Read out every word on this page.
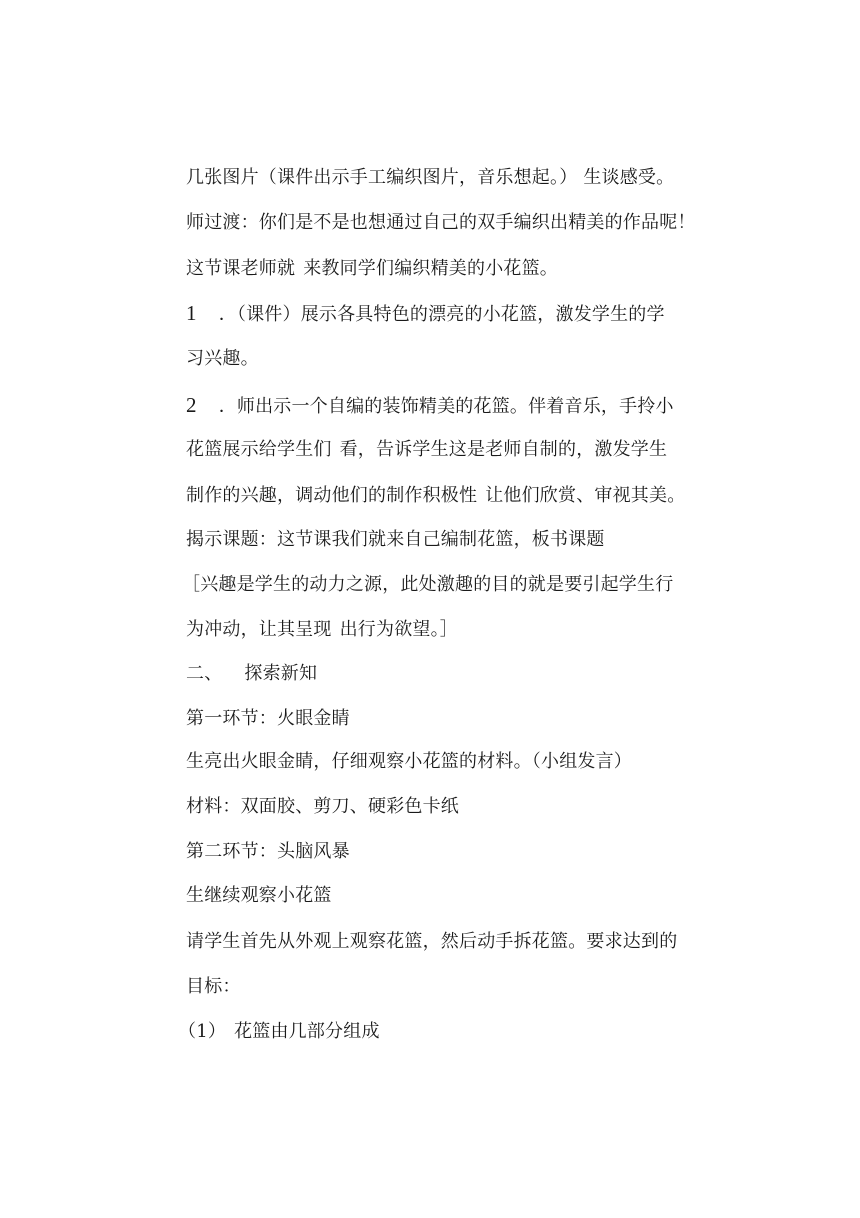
几张图片（课件出示手工编织图片，音乐想起。） 生谈感受。
师过渡：你们是不是也想通过自己的双手编织出精美的作品呢！
这节课老师就 来教同学们编织精美的小花篮。
1 ．（课件）展示各具特色的漂亮的小花篮，激发学生的学
习兴趣。
2 ．师出示一个自编的装饰精美的花篮。伴着音乐，手拎小
花篮展示给学生们 看，告诉学生这是老师自制的，激发学生
制作的兴趣，调动他们的制作积极性 让他们欣赏、审视其美。
揭示课题：这节课我们就来自己编制花篮，板书课题
［兴趣是学生的动力之源，此处激趣的目的就是要引起学生行
为冲动，让其呈现 出行为欲望。］
二、 探索新知
第一环节：火眼金睛
生亮出火眼金睛，仔细观察小花篮的材料。（小组发言）
材料：双面胶、剪刀、硬彩色卡纸
第二环节：头脑风暴
生继续观察小花篮
请学生首先从外观上观察花篮，然后动手拆花篮。要求达到的
目标：
（1） 花篮由几部分组成
